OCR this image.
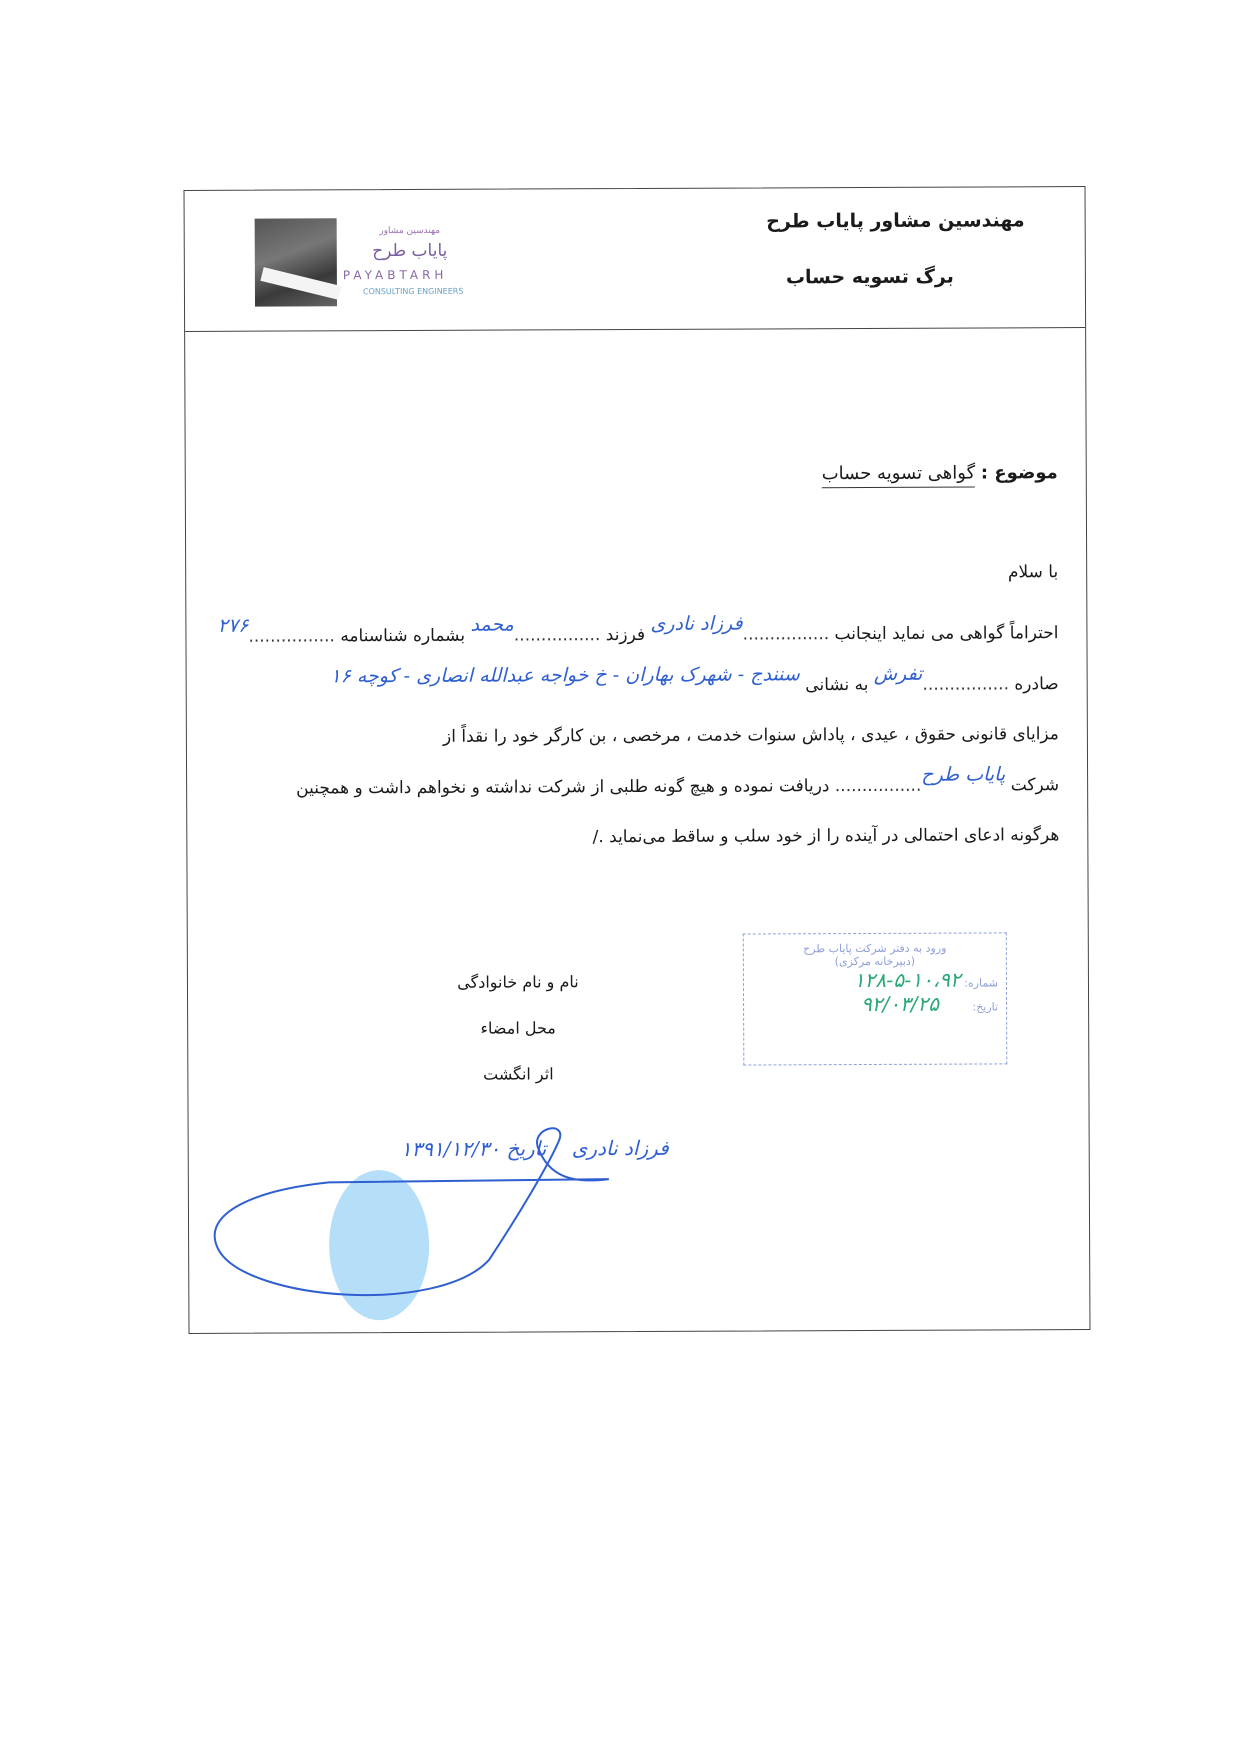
مهندسین مشاور پایاب طرح
برگ تسویه حساب
مهندسین مشاور
پایاب طرح
PAYABTARH
CONSULTING ENGINEERS
موضوع : گواهی تسویه حساب
با سلام
احتراماً گواهی می نماید اینجانب ................فرزاد نادری فرزند ................محمد بشماره شناسنامه ................۲۷۶
صادره ................تفرش به نشانی سنندج - شهرک بهاران - خ خواجه عبدالله انصاری - کوچه ۱۶
مزایای قانونی حقوق ، عیدی ، پاداش سنوات خدمت ، مرخصی ، بن کارگر خود را نقداً از
شرکت پایاب طرح................ دریافت نموده و هیچ گونه طلبی از شرکت نداشته و نخواهم داشت و همچنین
هرگونه ادعای احتمالی در آینده را از خود سلب و ساقط می‌نماید ./
نام و نام خانوادگی
محل امضاء
اثر انگشت
ورود به دفتر شرکت پایاب طرح
(دبیرخانه مرکزی)
شماره: ۱۰،۹۲-۵-۱۲۸
تاریخ: ۹۲/۰۳/۲۵
فرزاد نادری    تاریخ ۱۳۹۱/۱۲/۳۰
